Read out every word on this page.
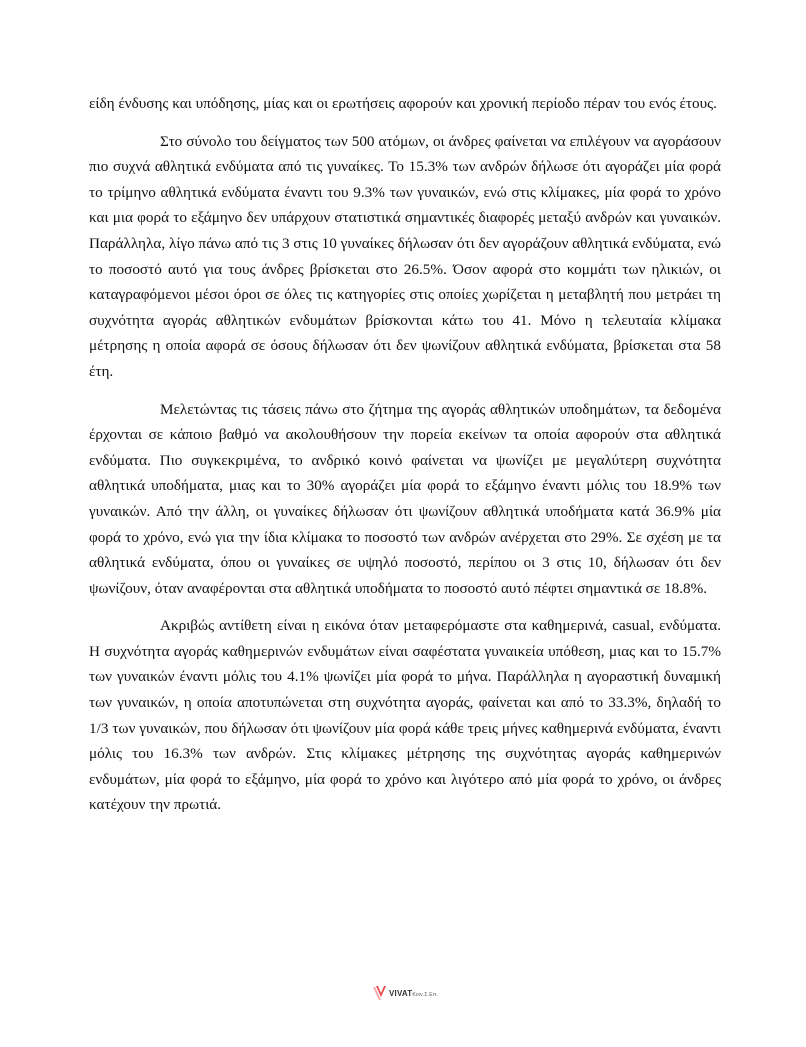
είδη ένδυσης και υπόδησης, μίας και οι ερωτήσεις αφορούν και χρονική περίοδο πέραν του ενός έτους.

Στο σύνολο του δείγματος των 500 ατόμων, οι άνδρες φαίνεται να επιλέγουν να αγοράσουν πιο συχνά αθλητικά ενδύματα από τις γυναίκες. Το 15.3% των ανδρών δήλωσε ότι αγοράζει μία φορά το τρίμηνο αθλητικά ενδύματα έναντι του 9.3% των γυναικών, ενώ στις κλίμακες, μία φορά το χρόνο και μια φορά το εξάμηνο δεν υπάρχουν στατιστικά σημαντικές διαφορές μεταξύ ανδρών και γυναικών. Παράλληλα, λίγο πάνω από τις 3 στις 10 γυναίκες δήλωσαν ότι δεν αγοράζουν αθλητικά ενδύματα, ενώ το ποσοστό αυτό για τους άνδρες βρίσκεται στο 26.5%. Όσον αφορά στο κομμάτι των ηλικιών, οι καταγραφόμενοι μέσοι όροι σε όλες τις κατηγορίες στις οποίες χωρίζεται η μεταβλητή που μετράει τη συχνότητα αγοράς αθλητικών ενδυμάτων βρίσκονται κάτω του 41. Μόνο η τελευταία κλίμακα μέτρησης η οποία αφορά σε όσους δήλωσαν ότι δεν ψωνίζουν αθλητικά ενδύματα, βρίσκεται στα 58 έτη.

Μελετώντας τις τάσεις πάνω στο ζήτημα της αγοράς αθλητικών υποδημάτων, τα δεδομένα έρχονται σε κάποιο βαθμό να ακολουθήσουν την πορεία εκείνων τα οποία αφορούν στα αθλητικά ενδύματα. Πιο συγκεκριμένα, το ανδρικό κοινό φαίνεται να ψωνίζει με μεγαλύτερη συχνότητα αθλητικά υποδήματα, μιας και το 30% αγοράζει μία φορά το εξάμηνο έναντι μόλις του 18.9% των γυναικών. Από την άλλη, οι γυναίκες δήλωσαν ότι ψωνίζουν αθλητικά υποδήματα κατά 36.9% μία φορά το χρόνο, ενώ για την ίδια κλίμακα το ποσοστό των ανδρών ανέρχεται στο 29%. Σε σχέση με τα αθλητικά ενδύματα, όπου οι γυναίκες σε υψηλό ποσοστό, περίπου οι 3 στις 10, δήλωσαν ότι δεν ψωνίζουν, όταν αναφέρονται στα αθλητικά υποδήματα το ποσοστό αυτό πέφτει σημαντικά σε 18.8%.

Ακριβώς αντίθετη είναι η εικόνα όταν μεταφερόμαστε στα καθημερινά, casual, ενδύματα. Η συχνότητα αγοράς καθημερινών ενδυμάτων είναι σαφέστατα γυναικεία υπόθεση, μιας και το 15.7% των γυναικών έναντι μόλις του 4.1% ψωνίζει μία φορά το μήνα. Παράλληλα η αγοραστική δυναμική των γυναικών, η οποία αποτυπώνεται στη συχνότητα αγοράς, φαίνεται και από το 33.3%, δηλαδή το 1/3 των γυναικών, που δήλωσαν ότι ψωνίζουν μία φορά κάθε τρεις μήνες καθημερινά ενδύματα, έναντι μόλις του 16.3% των ανδρών. Στις κλίμακες μέτρησης της συχνότητας αγοράς καθημερινών ενδυμάτων, μία φορά το εξάμηνο, μία φορά το χρόνο και λιγότερο από μία φορά το χρόνο, οι άνδρες κατέχουν την πρωτιά.

VIVATΚοιν.Σ.Επ.
